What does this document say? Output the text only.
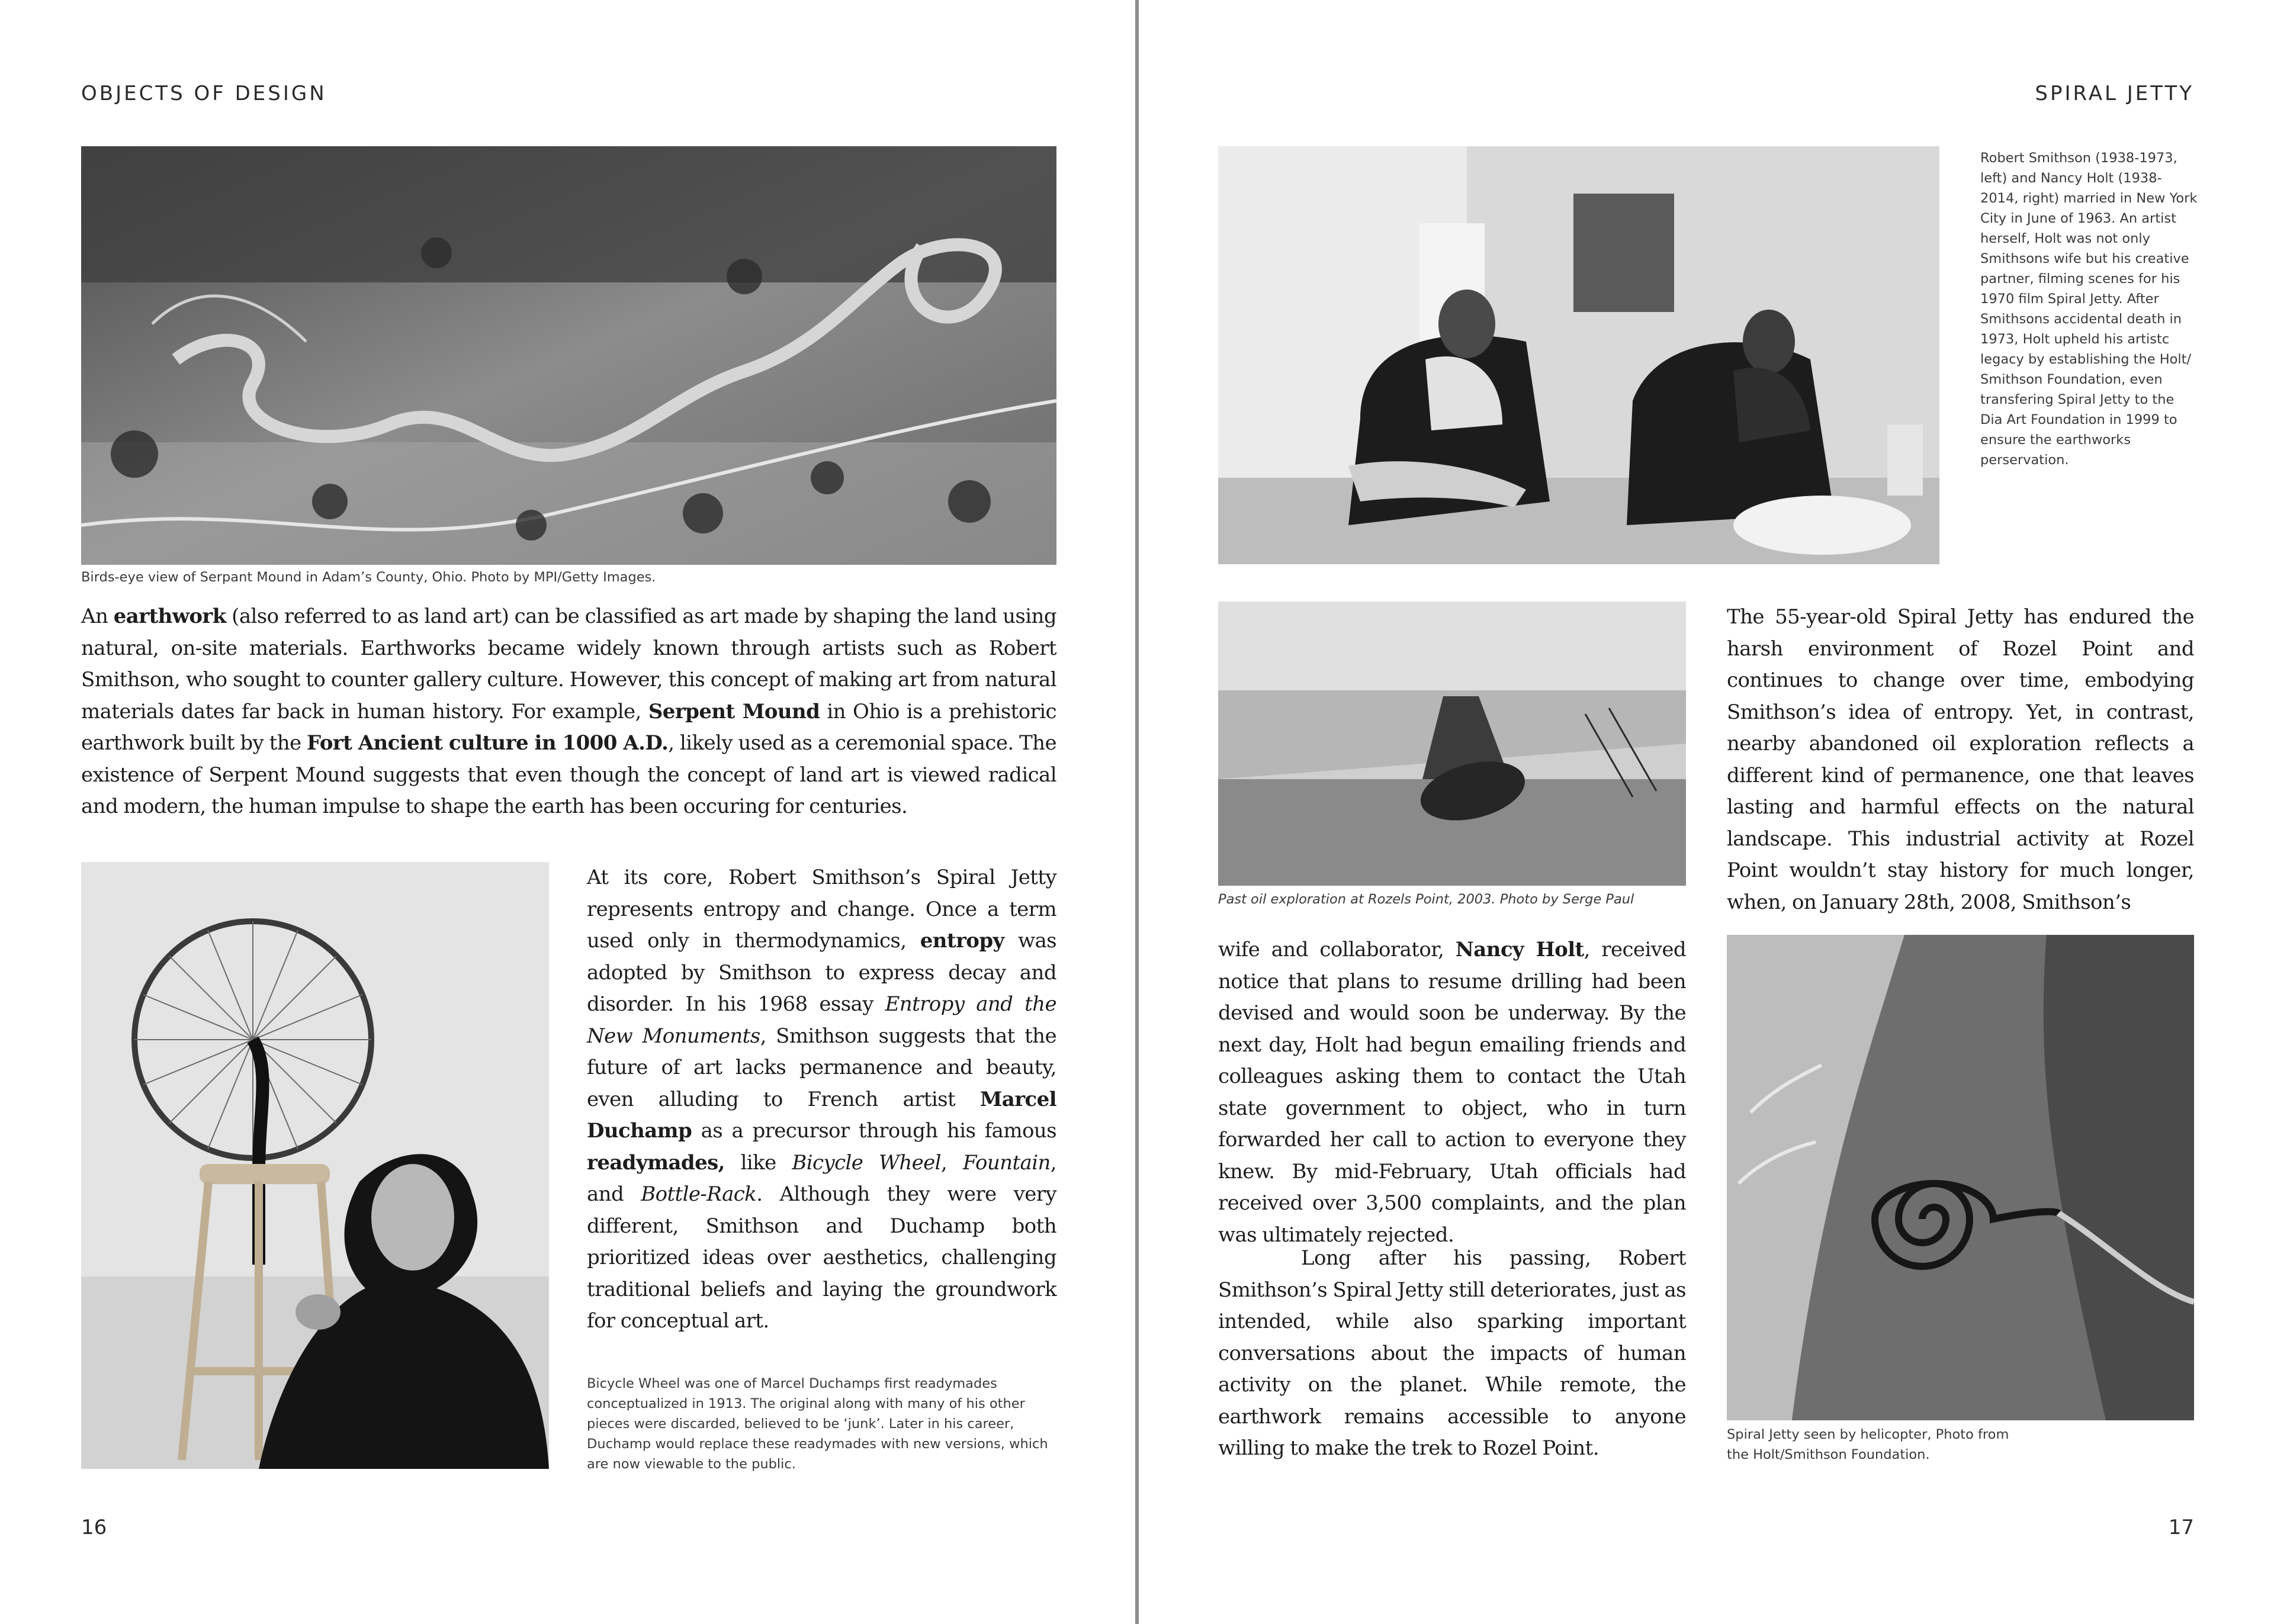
OBJECTS OF DESIGN
Birds-eye view of Serpant Mound in Adam’s County, Ohio. Photo by MPI/Getty Images.

An earthwork (also referred to as land art) can be classified as art made by shaping the land using natural, on-site materials. Earthworks became widely known through artists such as Robert Smithson, who sought to counter gallery culture. However, this concept of making art from natural materials dates far back in human history. For example, Serpent Mound in Ohio is a prehistoric earthwork built by the Fort Ancient culture in 1000 A.D., likely used as a ceremonial space. The existence of Serpent Mound suggests that even though the concept of land art is viewed radical and modern, the human impulse to shape the earth has been occuring for centuries.

At its core, Robert Smithson’s Spiral Jetty represents entropy and change. Once a term used only in thermodynamics, entropy was adopted by Smithson to express decay and disorder. In his 1968 essay Entropy and the New Monuments, Smithson suggests that the future of art lacks permanence and beauty, even alluding to French artist Marcel Duchamp as a precursor through his famous readymades, like Bicycle Wheel, Fountain, and Bottle-Rack. Although they were very different, Smithson and Duchamp both prioritized ideas over aesthetics, challenging traditional beliefs and laying the groundwork for conceptual art.

Bicycle Wheel was one of Marcel Duchamps first readymades conceptualized in 1913. The original along with many of his other pieces were discarded, believed to be ‘junk’. Later in his career, Duchamp would replace these readymades with new versions, which are now viewable to the public.
16
SPIRAL JETTY
Robert Smithson (1938-1973, left) and Nancy Holt (1938-2014, right) married in New York City in June of 1963. An artist herself, Holt was not only Smithsons wife but his creative partner, filming scenes for his 1970 film Spiral Jetty. After Smithsons accidental death in 1973, Holt upheld his artistc legacy by establishing the Holt/ Smithson Foundation, even transfering Spiral Jetty to the Dia Art Foundation in 1999 to ensure the earthworks perservation.
Past oil exploration at Rozels Point, 2003. Photo by Serge Paul

The 55-year-old Spiral Jetty has endured the harsh environment of Rozel Point and continues to change over time, embodying Smithson’s idea of entropy. Yet, in contrast, nearby abandoned oil exploration reflects a different kind of permanence, one that leaves lasting and harmful effects on the natural landscape. This industrial activity at Rozel Point wouldn’t stay history for much longer, when, on January 28th, 2008, Smithson’s

wife and collaborator, Nancy Holt, received notice that plans to resume drilling had been devised and would soon be underway. By the next day, Holt had begun emailing friends and colleagues asking them to contact the Utah state government to object, who in turn forwarded her call to action to everyone they knew. By mid-February, Utah officials had received over 3,500 complaints, and the plan was ultimately rejected.

Long after his passing, Robert Smithson’s Spiral Jetty still deteriorates, just as intended, while also sparking important conversations about the impacts of human activity on the planet. While remote, the earthwork remains accessible to anyone willing to make the trek to Rozel Point.

Spiral Jetty seen by helicopter, Photo from
the Holt/Smithson Foundation.
17
